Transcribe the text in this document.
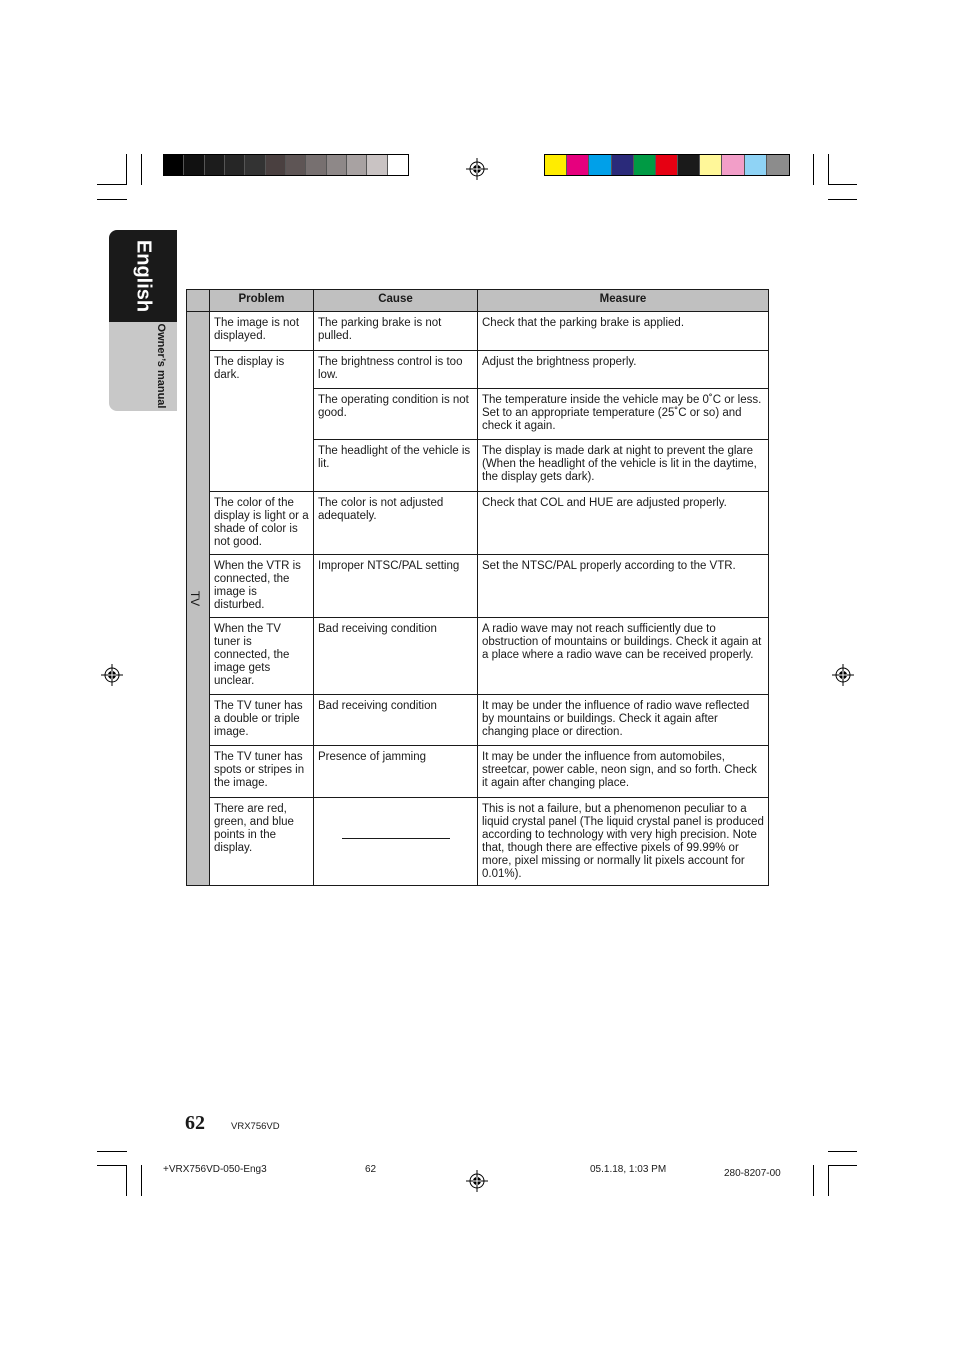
English
Owner’s manual
	Problem	Cause	Measure
TV	The image is not displayed.	The parking brake is not pulled.	Check that the parking brake is applied.
	The display is dark.	The brightness control is too low.	Adjust the brightness properly.
		The operating condition is not good.	The temperature inside the vehicle may be 0˚C or less. Set to an appropriate temperature (25˚C or so) and check it again.
		The headlight of the vehicle is lit.	The display is made dark at night to prevent the glare (When the headlight of the vehicle is lit in the daytime, the display gets dark).
	The color of the display is light or a shade of color is not good.	The color is not adjusted adequately.	Check that COL and HUE are adjusted properly.
	When the VTR is connected, the image is disturbed.	Improper NTSC/PAL setting	Set the NTSC/PAL properly according to the VTR.
	When the TV tuner is connected, the image gets unclear.	Bad receiving condition	A radio wave may not reach sufficiently due to obstruction of mountains or buildings. Check it again at a place where a radio wave can be received properly.
	The TV tuner has a double or triple image.	Bad receiving condition	It may be under the influence of radio wave reflected by mountains or buildings. Check it again after changing place or direction.
	The TV tuner has spots or stripes in the image.	Presence of jamming	It may be under the influence from automobiles, streetcar, power cable, neon sign, and so forth. Check it again after changing place.
	There are red, green, and blue points in the display.		This is not a failure, but a phenomenon peculiar to a liquid crystal panel (The liquid crystal panel is produced according to technology with very high precision. Note that, though there are effective pixels of 99.99% or more, pixel missing or normally lit pixels account for 0.01%).
62	VRX756VD
+VRX756VD-050-Eng3	62	05.1.18, 1:03 PM	280-8207-00
